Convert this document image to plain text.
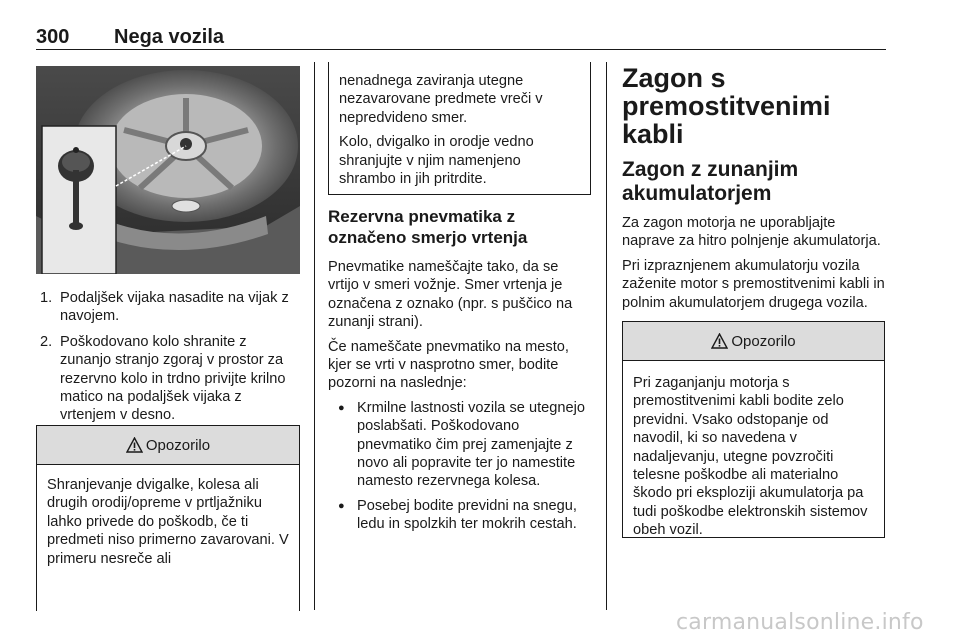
300 Nega vozila
1. Podaljšek vijaka nasadite na vijak z navojem.
2. Poškodovano kolo shranite z zunanjo stranjo zgoraj v prostor za rezervno kolo in trdno privijte krilno matico na podaljšek vijaka z vrtenjem v desno.
Opozorilo
Shranjevanje dvigalke, kolesa ali drugih orodij/opreme v prtljažniku lahko privede do poškodb, če ti predmeti niso primerno zavarovani. V primeru nesreče ali

nenadnega zaviranja utegne nezavarovane predmete vreči v nepredvideno smer.

Kolo, dvigalko in orodje vedno shranjujte v njim namenjeno shrambo in jih pritrdite.

Rezervna pnevmatika z označeno smerjo vrtenja

Pnevmatike nameščajte tako, da se vrtijo v smeri vožnje. Smer vrtenja je označena z oznako (npr. s puščico na zunanji strani).

Če nameščate pnevmatiko na mesto, kjer se vrti v nasprotno smer, bodite pozorni na naslednje:

● Krmilne lastnosti vozila se utegnejo poslabšati. Poškodovano pnevmatiko čim prej zamenjajte z novo ali popravite ter jo namestite namesto rezervnega kolesa.
● Posebej bodite previdni na snegu, ledu in spolzkih ter mokrih cestah.
Zagon s premostitvenimi kabli
Zagon z zunanjim akumulatorjem

Za zagon motorja ne uporabljajte naprave za hitro polnjenje akumulatorja.

Pri izpraznjenem akumulatorju vozila zaženite motor s premostitvenimi kabli in polnim akumulatorjem drugega vozila.

Opozorilo
Pri zaganjanju motorja s premostitvenimi kabli bodite zelo previdni. Vsako odstopanje od navodil, ki so navedena v nadaljevanju, utegne povzročiti telesne poškodbe ali materialno škodo pri eksploziji akumulatorja pa tudi poškodbe elektronskih sistemov obeh vozil.
carmanualsonline.info
